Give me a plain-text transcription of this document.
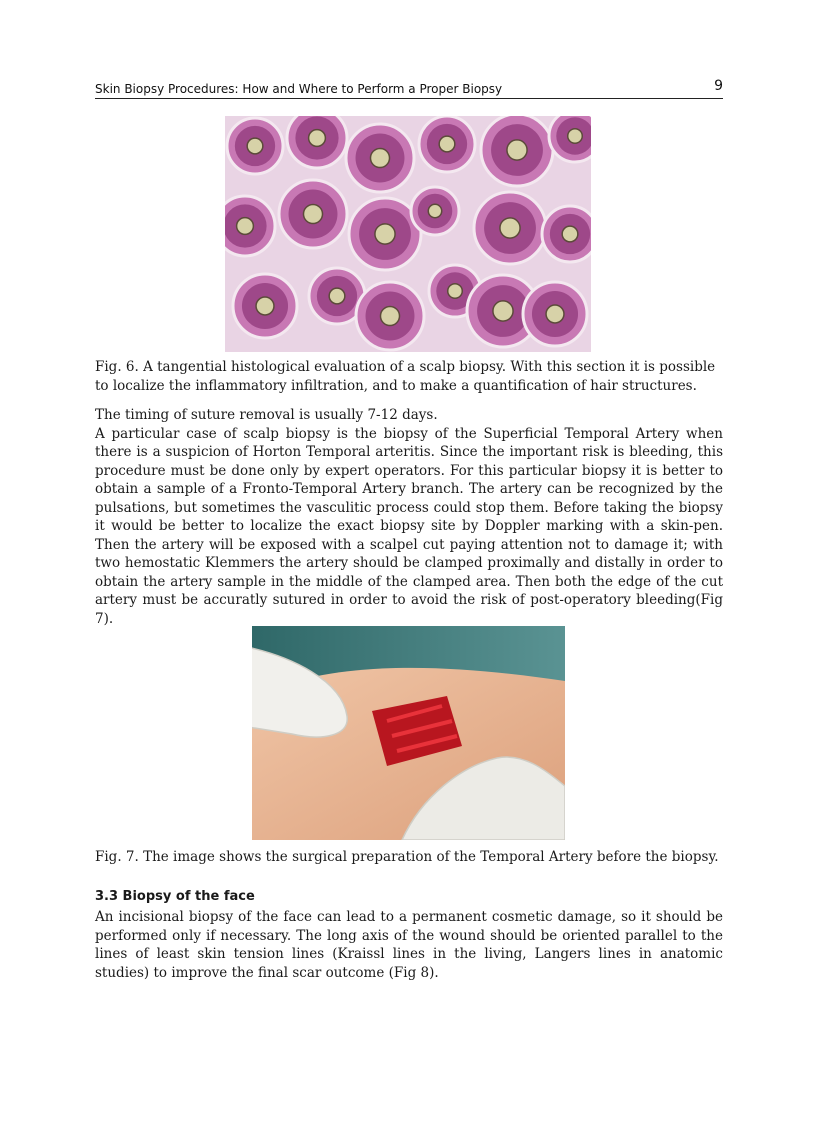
Skin Biopsy Procedures: How and Where to Perform a Proper Biopsy	9

Fig. 6. A tangential histological evaluation of a scalp biopsy. With this section it is possible to localize the inflammatory infiltration, and to make a quantification of hair structures.

The timing of suture removal is usually 7-12 days.
A particular case of scalp biopsy is the biopsy of the Superficial Temporal Artery when there is a suspicion of Horton Temporal arteritis. Since the important risk is bleeding, this procedure must be done only by expert operators. For this particular biopsy it is better to obtain a sample of a Fronto-Temporal Artery branch. The artery can be recognized by the pulsations, but sometimes the vasculitic process could stop them. Before taking the biopsy it would be better to localize the exact biopsy site by Doppler marking with a skin-pen. Then the artery will be exposed with a scalpel cut paying attention not to damage it; with two hemostatic Klemmers the artery should be clamped proximally and distally in order to obtain the artery sample in the middle of the clamped area. Then both the edge of the cut artery must be accuratly sutured in order to avoid the risk of post-operatory bleeding(Fig 7).

Fig. 7. The image shows the surgical preparation of the Temporal Artery before the biopsy.

3.3 Biopsy of the face

An incisional biopsy of the face can lead to a permanent cosmetic damage, so it should be performed only if necessary. The long axis of the wound should be oriented parallel to the lines of least skin tension lines (Kraissl lines in the living, Langers lines in anatomic studies) to improve the final scar outcome (Fig 8).
